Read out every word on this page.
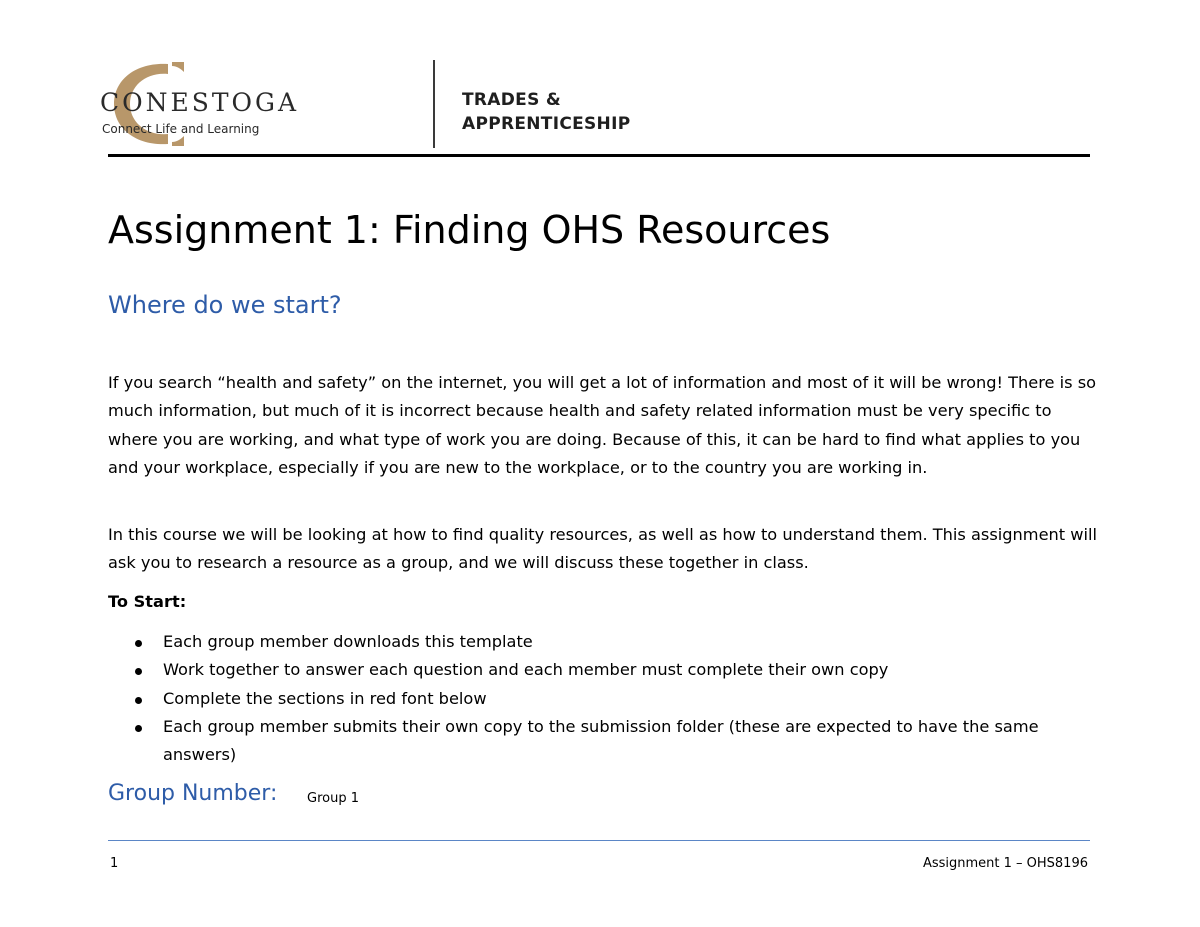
CONESTOGA
Connect Life and Learning
TRADES &
APPRENTICESHIP
Assignment 1: Finding OHS Resources
Where do we start?

If you search “health and safety” on the internet, you will get a lot of information and most of it will be wrong! There is so much information, but much of it is incorrect because health and safety related information must be very specific to where you are working, and what type of work you are doing. Because of this, it can be hard to find what applies to you and your workplace, especially if you are new to the workplace, or to the country you are working in.

In this course we will be looking at how to find quality resources, as well as how to understand them. This assignment will ask you to research a resource as a group, and we will discuss these together in class.

To Start:
Each group member downloads this template
Work together to answer each question and each member must complete their own copy
Complete the sections in red font below
Each group member submits their own copy to the submission folder (these are expected to have the same answers)
Group Number: Group 1
1	Assignment 1 – OHS8196
